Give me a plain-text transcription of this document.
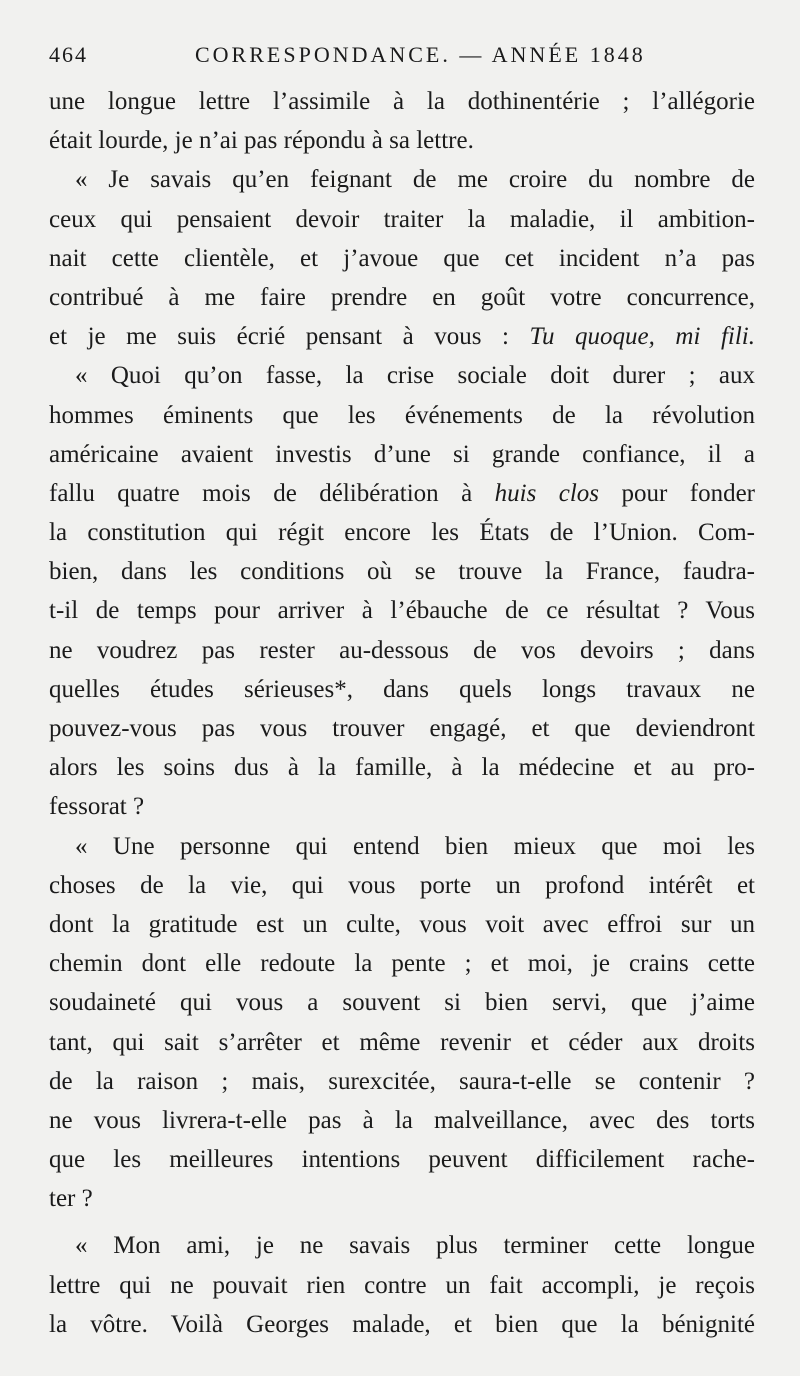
464	CORRESPONDANCE. — ANNÉE 1848
une longue lettre l’assimile à la dothinentérie ; l’allégorie
était lourde, je n’ai pas répondu à sa lettre.
« Je savais qu’en feignant de me croire du nombre de
ceux qui pensaient devoir traiter la maladie, il ambition-
nait cette clientèle, et j’avoue que cet incident n’a pas
contribué à me faire prendre en goût votre concurrence,
et je me suis écrié pensant à vous : Tu quoque, mi fili.
« Quoi qu’on fasse, la crise sociale doit durer ; aux
hommes éminents que les événements de la révolution
américaine avaient investis d’une si grande confiance, il a
fallu quatre mois de délibération à huis clos pour fonder
la constitution qui régit encore les États de l’Union. Com-
bien, dans les conditions où se trouve la France, faudra-
t-il de temps pour arriver à l’ébauche de ce résultat ? Vous
ne voudrez pas rester au-dessous de vos devoirs ; dans
quelles études sérieuses*, dans quels longs travaux ne
pouvez-vous pas vous trouver engagé, et que deviendront
alors les soins dus à la famille, à la médecine et au pro-
fessorat ?
« Une personne qui entend bien mieux que moi les
choses de la vie, qui vous porte un profond intérêt et
dont la gratitude est un culte, vous voit avec effroi sur un
chemin dont elle redoute la pente ; et moi, je crains cette
soudaineté qui vous a souvent si bien servi, que j’aime
tant, qui sait s’arrêter et même revenir et céder aux droits
de la raison ; mais, surexcitée, saura-t-elle se contenir ?
ne vous livrera-t-elle pas à la malveillance, avec des torts
que les meilleures intentions peuvent difficilement rache-
ter ?
« Mon ami, je ne savais plus terminer cette longue
lettre qui ne pouvait rien contre un fait accompli, je reçois
la vôtre. Voilà Georges malade, et bien que la bénignité
